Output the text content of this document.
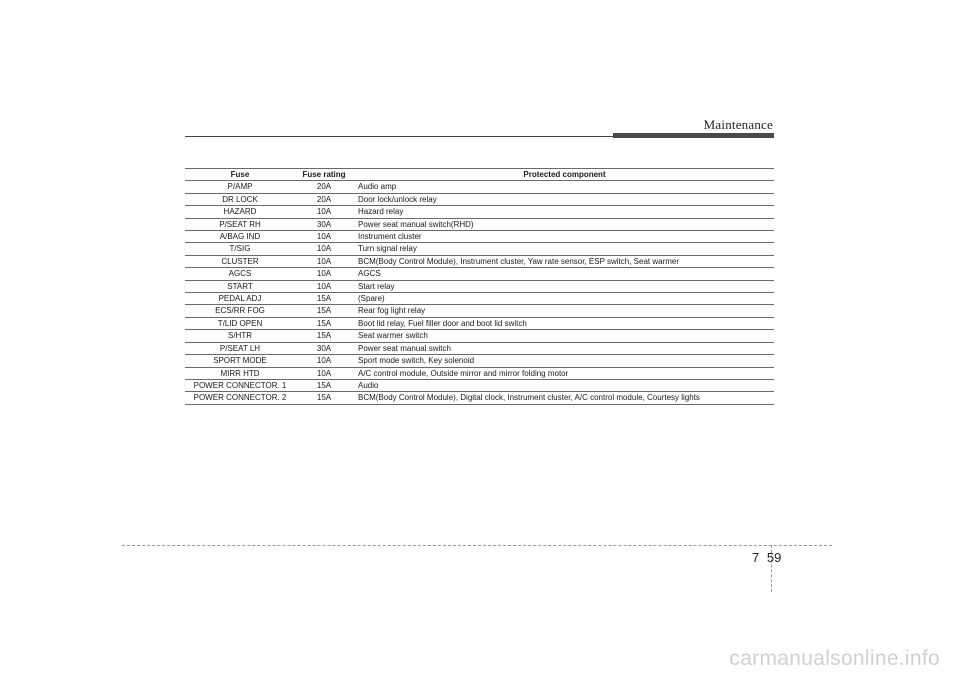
Maintenance
Fuse	Fuse rating	Protected component
P/AMP	20A	Audio amp
DR LOCK	20A	Door lock/unlock relay
HAZARD	10A	Hazard relay
P/SEAT RH	30A	Power seat manual switch(RHD)
A/BAG IND	10A	Instrument cluster
T/SIG	10A	Turn signal relay
CLUSTER	10A	BCM(Body Control Module), Instrument cluster, Yaw rate sensor, ESP switch, Seat warmer
AGCS	10A	AGCS
START	10A	Start relay
PEDAL ADJ	15A	(Spare)
ECS/RR FOG	15A	Rear fog light relay
T/LID OPEN	15A	Boot lid relay, Fuel filler door and boot lid switch
S/HTR	15A	Seat warmer switch
P/SEAT LH	30A	Power seat manual switch
SPORT MODE	10A	Sport mode switch, Key solenoid
MIRR HTD	10A	A/C control module, Outside mirror and mirror folding motor
POWER CONNECTOR. 1	15A	Audio
POWER CONNECTOR. 2	15A	BCM(Body Control Module), Digital clock, Instrument cluster, A/C control module, Courtesy lights
7 59
carmanualsonline.info
